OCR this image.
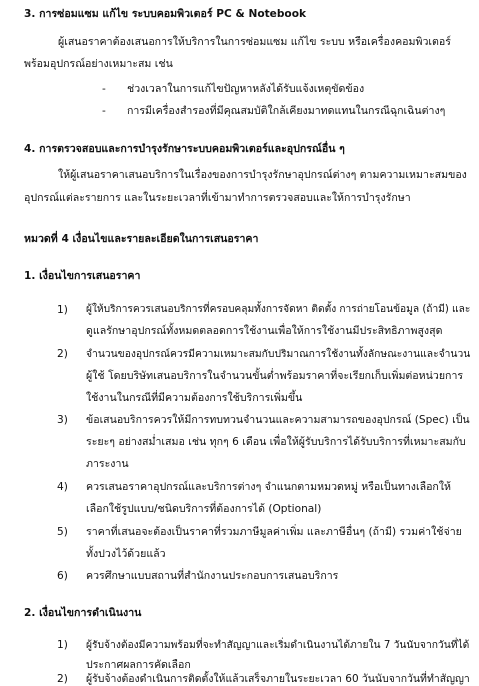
3. การซ่อมแซม แก้ไข ระบบคอมพิวเตอร์ PC & Notebook
ผู้เสนอราคาต้องเสนอการให้บริการในการซ่อมแซม แก้ไข ระบบ หรือเครื่องคอมพิวเตอร์
พร้อมอุปกรณ์อย่างเหมาะสม เช่น
- ช่วงเวลาในการแก้ไขปัญหาหลังได้รับแจ้งเหตุขัดข้อง
- การมีเครื่องสำรองที่มีคุณสมบัติใกล้เคียงมาทดแทนในกรณีฉุกเฉินต่างๆ
4. การตรวจสอบและการบำรุงรักษาระบบคอมพิวเตอร์และอุปกรณ์อื่น ๆ
ให้ผู้เสนอราคาเสนอบริการในเรื่องของการบำรุงรักษาอุปกรณ์ต่างๆ ตามความเหมาะสมของ
อุปกรณ์แต่ละรายการ และในระยะเวลาที่เข้ามาทำการตรวจสอบและให้การบำรุงรักษา
หมวดที่ 4 เงื่อนไขและรายละเอียดในการเสนอราคา
1. เงื่อนไขการเสนอราคา
1) ผู้ให้บริการควรเสนอบริการที่ครอบคลุมทั้งการจัดหา ติดตั้ง การถ่ายโอนข้อมูล (ถ้ามี) และ
ดูแลรักษาอุปกรณ์ทั้งหมดตลอดการใช้งานเพื่อให้การใช้งานมีประสิทธิภาพสูงสุด
2) จำนวนของอุปกรณ์ควรมีความเหมาะสมกับปริมาณการใช้งานทั้งลักษณะงานและจำนวน
ผู้ใช้ โดยบริษัทเสนอบริการในจำนวนขั้นต่ำพร้อมราคาที่จะเรียกเก็บเพิ่มต่อหน่วยการ
ใช้งานในกรณีที่มีความต้องการใช้บริการเพิ่มขึ้น
3) ข้อเสนอบริการควรให้มีการทบทวนจำนวนและความสามารถของอุปกรณ์ (Spec) เป็น
ระยะๆ อย่างสม่ำเสมอ เช่น ทุกๆ 6 เดือน เพื่อให้ผู้รับบริการได้รับบริการที่เหมาะสมกับ
ภาระงาน
4) ควรเสนอราคาอุปกรณ์และบริการต่างๆ จำแนกตามหมวดหมู่ หรือเป็นทางเลือกให้
เลือกใช้รูปแบบ/ชนิดบริการที่ต้องการได้ (Optional)
5) ราคาที่เสนอจะต้องเป็นราคาที่รวมภาษีมูลค่าเพิ่ม และภาษีอื่นๆ (ถ้ามี) รวมค่าใช้จ่าย
ทั้งปวงไว้ด้วยแล้ว
6) ควรศึกษาแบบสถานที่สำนักงานประกอบการเสนอบริการ
2. เงื่อนไขการดำเนินงาน
1) ผู้รับจ้างต้องมีความพร้อมที่จะทำสัญญาและเริ่มดำเนินงานได้ภายใน 7 วันนับจากวันที่ได้
ประกาศผลการคัดเลือก
2) ผู้รับจ้างต้องดำเนินการติดตั้งให้แล้วเสร็จภายในระยะเวลา 60 วันนับจากวันที่ทำสัญญา
